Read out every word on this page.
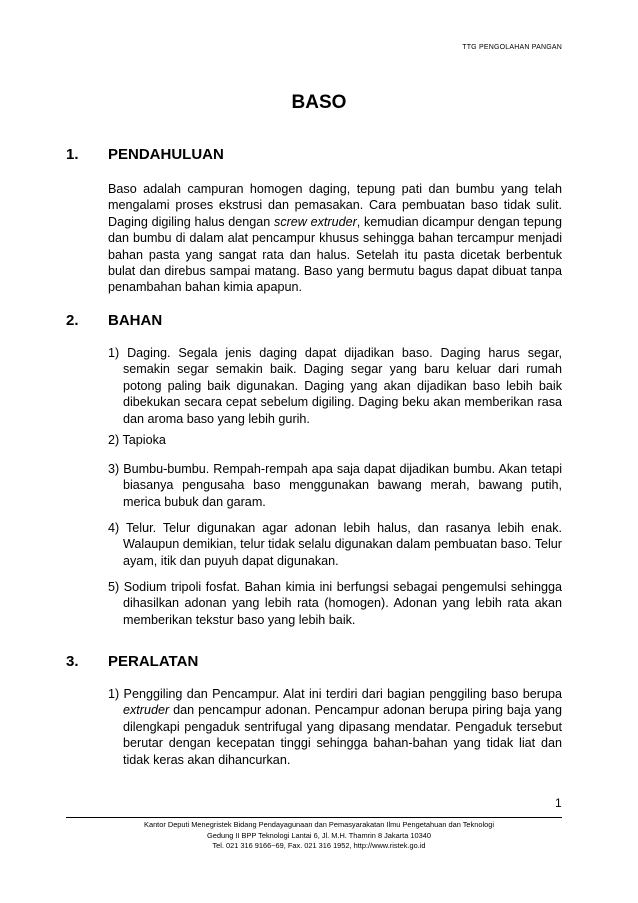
TTG PENGOLAHAN PANGAN
BASO
1. PENDAHULUAN
Baso adalah campuran homogen daging, tepung pati dan bumbu yang telah mengalami proses ekstrusi dan pemasakan. Cara pembuatan baso tidak sulit. Daging digiling halus dengan screw extruder, kemudian dicampur dengan tepung dan bumbu di dalam alat pencampur khusus sehingga bahan tercampur menjadi bahan pasta yang sangat rata dan halus. Setelah itu pasta dicetak berbentuk bulat dan direbus sampai matang. Baso yang bermutu bagus dapat dibuat tanpa penambahan bahan kimia apapun.
2. BAHAN
1) Daging. Segala jenis daging dapat dijadikan baso. Daging harus segar, semakin segar semakin baik. Daging segar yang baru keluar dari rumah potong paling baik digunakan. Daging yang akan dijadikan baso lebih baik dibekukan secara cepat sebelum digiling. Daging beku akan memberikan rasa dan aroma baso yang lebih gurih.
2) Tapioka
3) Bumbu-bumbu. Rempah-rempah apa saja dapat dijadikan bumbu. Akan tetapi biasanya pengusaha baso menggunakan bawang merah, bawang putih, merica bubuk dan garam.
4) Telur. Telur digunakan agar adonan lebih halus, dan rasanya lebih enak. Walaupun demikian, telur tidak selalu digunakan dalam pembuatan baso. Telur ayam, itik dan puyuh dapat digunakan.
5) Sodium tripoli fosfat. Bahan kimia ini berfungsi sebagai pengemulsi sehingga dihasilkan adonan yang lebih rata (homogen). Adonan yang lebih rata akan memberikan tekstur baso yang lebih baik.
3. PERALATAN
1) Penggiling dan Pencampur. Alat ini terdiri dari bagian penggiling baso berupa extruder dan pencampur adonan. Pencampur adonan berupa piring baja yang dilengkapi pengaduk sentrifugal yang dipasang mendatar. Pengaduk tersebut berutar dengan kecepatan tinggi sehingga bahan-bahan yang tidak liat dan tidak keras akan dihancurkan.
1
Kantor Deputi Menegristek Bidang Pendayagunaan dan Pemasyarakatan Ilmu Pengetahuan dan Teknologi
Gedung II BPP Teknologi Lantai 6, Jl. M.H. Thamrin 8 Jakarta 10340
Tel. 021 316 9166~69, Fax. 021 316 1952, http://www.ristek.go.id
